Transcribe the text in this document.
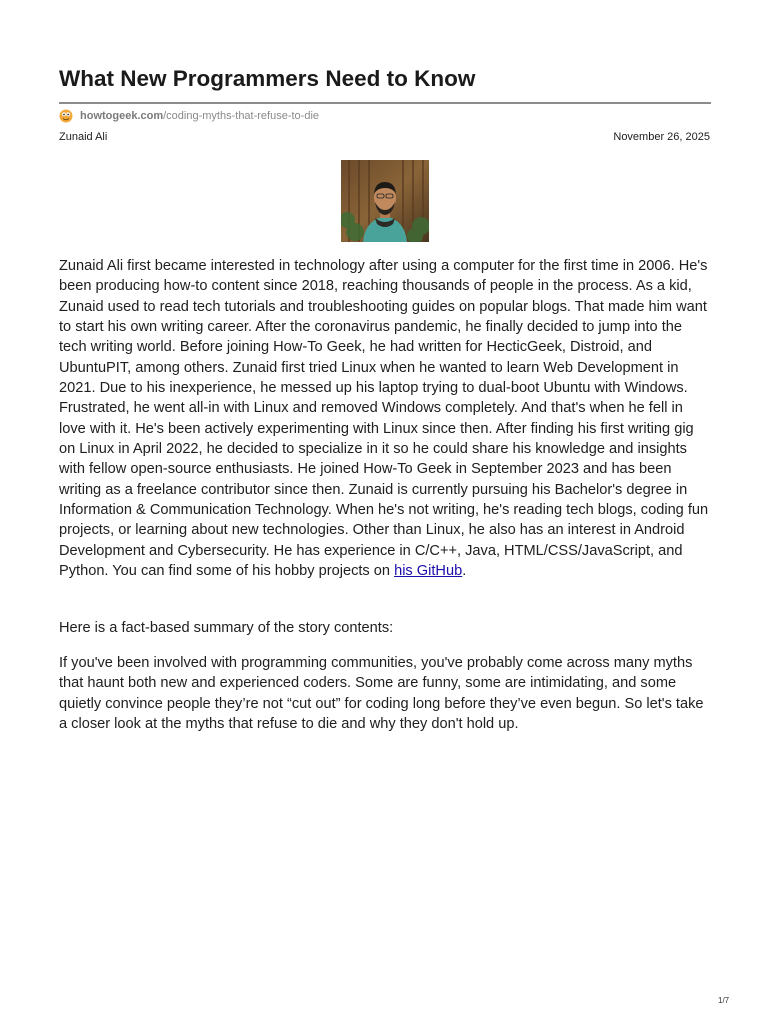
What New Programmers Need to Know
howtogeek.com /coding-myths-that-refuse-to-die
Zunaid Ali	November 26, 2025

Zunaid Ali first became interested in technology after using a computer for the first time in 2006. He's been producing how-to content since 2018, reaching thousands of people in the process. As a kid, Zunaid used to read tech tutorials and troubleshooting guides on popular blogs. That made him want to start his own writing career. After the coronavirus pandemic, he finally decided to jump into the tech writing world. Before joining How-To Geek, he had written for HecticGeek, Distroid, and UbuntuPIT, among others. Zunaid first tried Linux when he wanted to learn Web Development in 2021. Due to his inexperience, he messed up his laptop trying to dual-boot Ubuntu with Windows. Frustrated, he went all-in with Linux and removed Windows completely. And that's when he fell in love with it. He's been actively experimenting with Linux since then. After finding his first writing gig on Linux in April 2022, he decided to specialize in it so he could share his knowledge and insights with fellow open-source enthusiasts. He joined How-To Geek in September 2023 and has been writing as a freelance contributor since then. Zunaid is currently pursuing his Bachelor's degree in Information & Communication Technology. When he's not writing, he's reading tech blogs, coding fun projects, or learning about new technologies. Other than Linux, he also has an interest in Android Development and Cybersecurity. He has experience in C/C++, Java, HTML/CSS/JavaScript, and Python. You can find some of his hobby projects on his GitHub.

Here is a fact-based summary of the story contents:

If you've been involved with programming communities, you've probably come across many myths that haunt both new and experienced coders. Some are funny, some are intimidating, and some quietly convince people they’re not “cut out” for coding long before they’ve even begun. So let's take a closer look at the myths that refuse to die and why they don't hold up.

1/7
